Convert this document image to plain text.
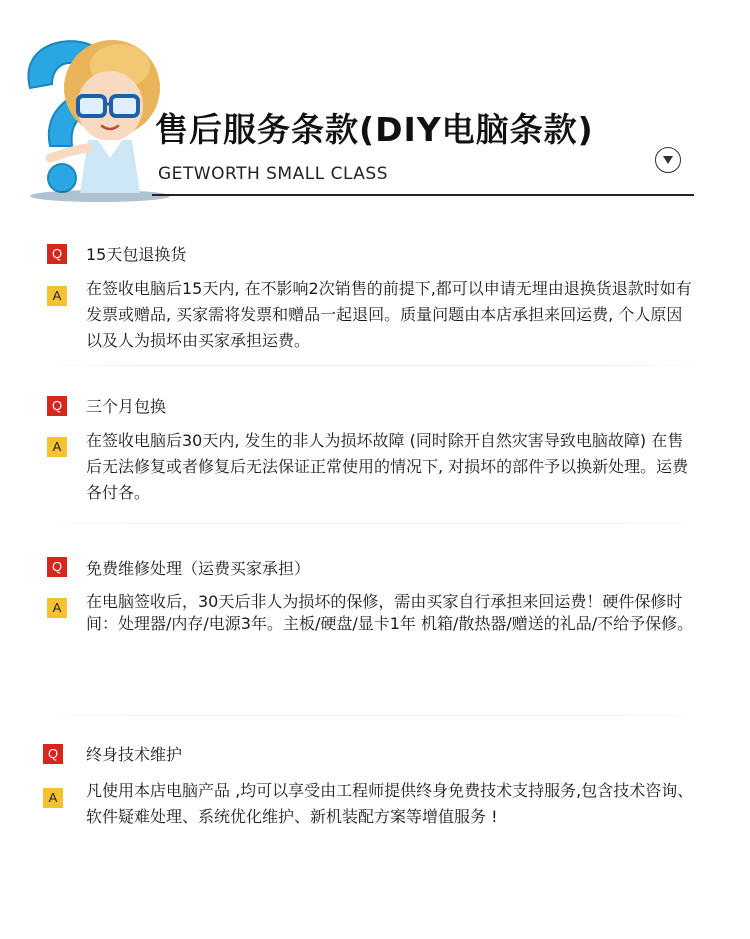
售后服务条款(DIY电脑条款)
GETWORTH SMALL CLASS
Q	15天包退换货
A	在签收电脑后15天内, 在不影响2次销售的前提下,都可以申请无埋由退换货退款时如有发票或赠品, 买家需将发票和赠品一起退回。质量问题由本店承担来回运费, 个人原因以及人为损坏由买家承担运费。
Q	三个月包换
A	在签收电脑后30天内, 发生的非人为损坏故障 (同时除开自然灾害导致电脑故障) 在售后无法修复或者修复后无法保证正常使用的情况下, 对损坏的部件予以换新处理。运费各付各。
Q	免费维修处理（运费买家承担）
A	在电脑签收后，30天后非人为损坏的保修，需由买家自行承担来回运费！硬件保修时间：处理器/内存/电源3年。主板/硬盘/显卡1年 机箱/散热器/赠送的礼品/不给予保修。
Q	终身技术维护
A	凡使用本店电脑产品 ,均可以享受由工程师提供终身免费技术支持服务,包含技术咨询、软件疑难处理、系统优化维护、新机装配方案等增值服务 !
